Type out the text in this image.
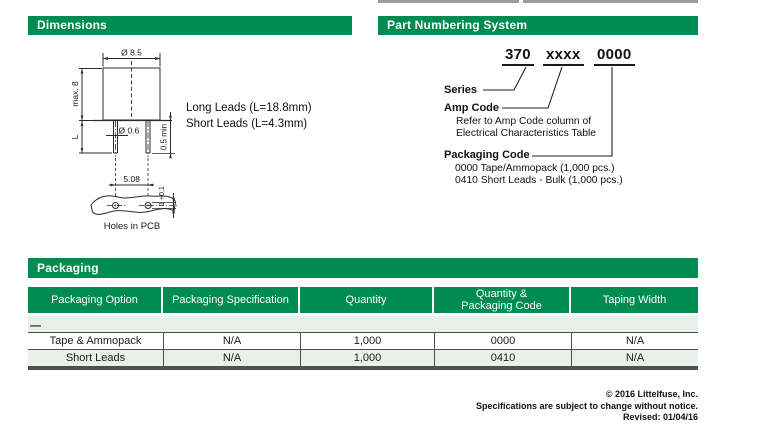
Dimensions
Ø 8.5
max. 8
L
Ø 0.6	0.5 min
5.08
1 +0.1
Holes in PCB
Long Leads (L=18.8mm)
Short Leads (L=4.3mm)
Part Numbering System
370 xxxx 0000
Series
Amp Code
Refer to Amp Code column of
Electrical Characteristics Table
Packaging Code
0000 Tape/Ammopack (1,000 pcs.)
0410 Short Leads - Bulk (1,000 pcs.)
Packaging
Packaging Option	Packaging Specification	Quantity	Quantity & Packaging Code	Taping Width
—
Tape & Ammopack	N/A	1,000	0000	N/A
Short Leads	N/A	1,000	0410	N/A
© 2016 Littelfuse, Inc.
Specifications are subject to change without notice.
Revised: 01/04/16
